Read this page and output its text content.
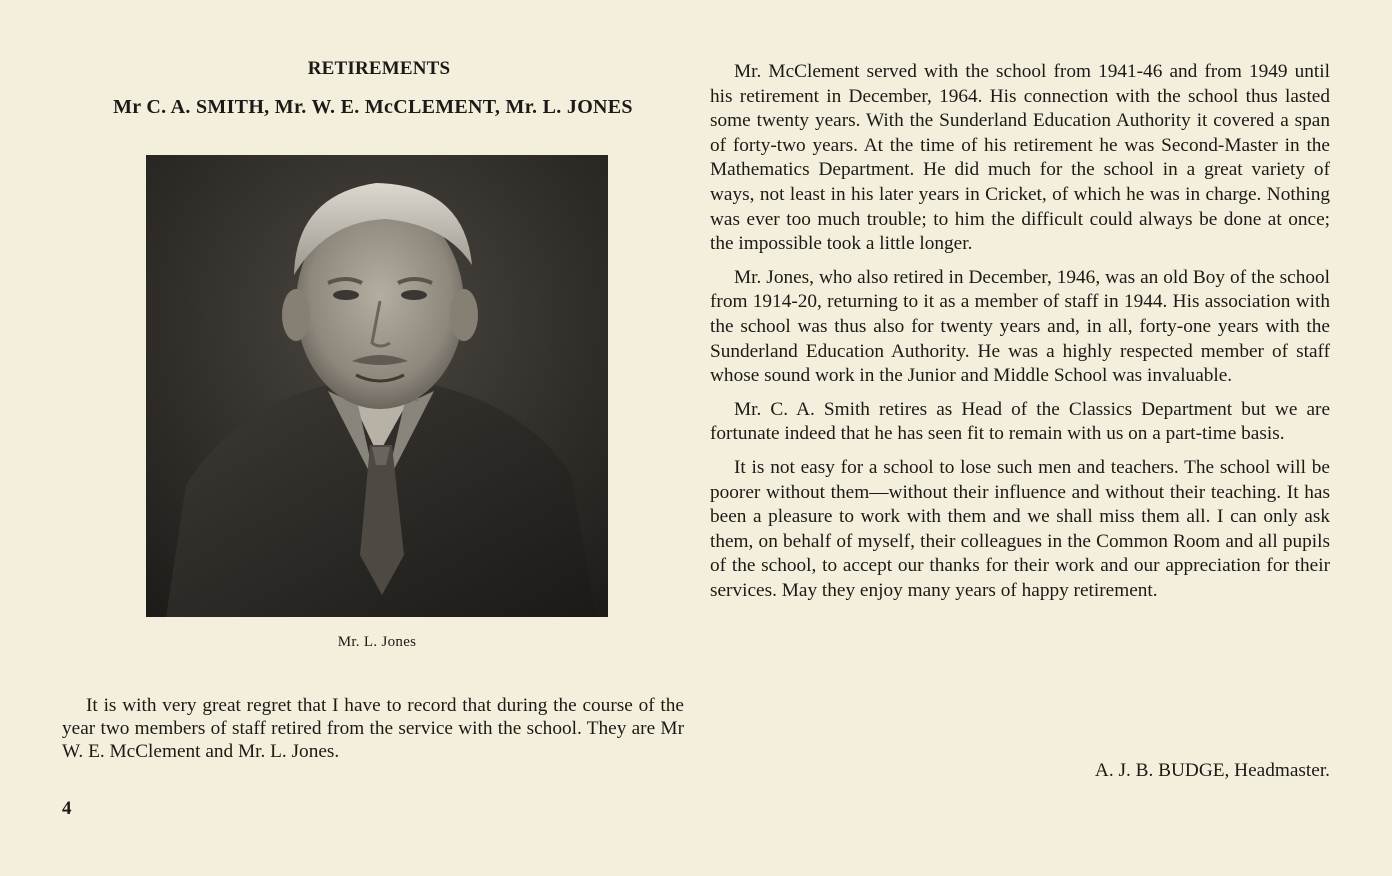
RETIREMENTS
Mr C. A. SMITH, Mr. W. E. McCLEMENT, Mr. L. JONES
Mr. L. Jones

It is with very great regret that I have to record that during the course of the year two members of staff retired from the service with the school. They are Mr W. E. McClement and Mr. L. Jones.

4

Mr. McClement served with the school from 1941-46 and from 1949 until his retirement in December, 1964. His connection with the school thus lasted some twenty years. With the Sunderland Education Authority it covered a span of forty-two years. At the time of his retirement he was Second-Master in the Mathematics Department. He did much for the school in a great variety of ways, not least in his later years in Cricket, of which he was in charge. Nothing was ever too much trouble; to him the difficult could always be done at once; the impossible took a little longer.

Mr. Jones, who also retired in December, 1946, was an old Boy of the school from 1914-20, returning to it as a member of staff in 1944. His association with the school was thus also for twenty years and, in all, forty-one years with the Sunderland Education Authority. He was a highly respected member of staff whose sound work in the Junior and Middle School was invaluable.

Mr. C. A. Smith retires as Head of the Classics Department but we are fortunate indeed that he has seen fit to remain with us on a part-time basis.

It is not easy for a school to lose such men and teachers. The school will be poorer without them—without their influence and without their teaching. It has been a pleasure to work with them and we shall miss them all. I can only ask them, on behalf of myself, their colleagues in the Common Room and all pupils of the school, to accept our thanks for their work and our appreciation for their services. May they enjoy many years of happy retirement.

A. J. B. BUDGE, Headmaster.
